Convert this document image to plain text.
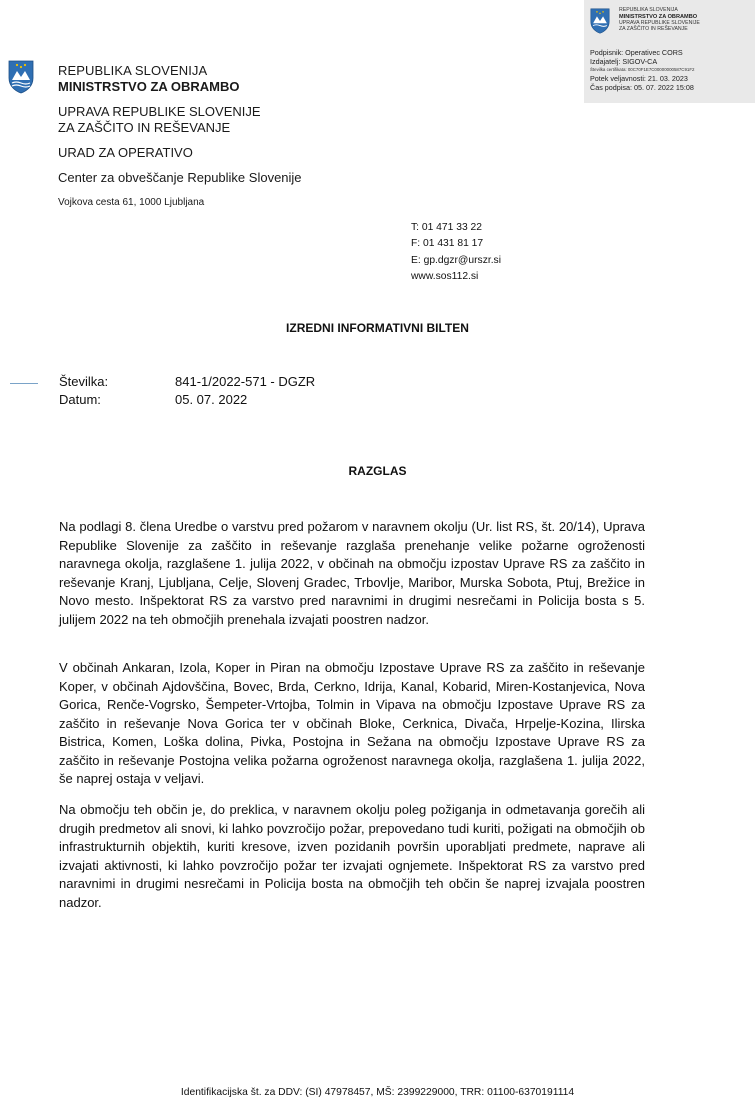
REPUBLIKA SLOVENIJA
MINISTRSTVO ZA OBRAMBO
UPRAVA REPUBLIKE SLOVENIJE
ZA ZAŠČITO IN REŠEVANJE
Podpisnik: Operativec CORS
Izdajatelj: SIGOV-CA
Številka certifikata: 00C70F1E7C00000000587C91F2
Potek veljavnosti: 21. 03. 2023
Čas podpisa: 05. 07. 2022 15:08
REPUBLIKA SLOVENIJA
MINISTRSTVO ZA OBRAMBO
UPRAVA REPUBLIKE SLOVENIJE
ZA ZAŠČITO IN REŠEVANJE
URAD ZA OPERATIVO
Center za obveščanje Republike Slovenije
Vojkova cesta 61, 1000 Ljubljana
T: 01 471 33 22
F: 01 431 81 17
E: gp.dgzr@urszr.si
www.sos112.si
IZREDNI INFORMATIVNI BILTEN
Številka:	841-1/2022-571 - DGZR
Datum:	05. 07. 2022
RAZGLAS
Na podlagi 8. člena Uredbe o varstvu pred požarom v naravnem okolju (Ur. list RS, št. 20/14), Uprava Republike Slovenije za zaščito in reševanje razglaša prenehanje velike požarne ogroženosti naravnega okolja, razglašene 1. julija 2022, v občinah na območju izpostav Uprave RS za zaščito in reševanje Kranj, Ljubljana, Celje, Slovenj Gradec, Trbovlje, Maribor, Murska Sobota, Ptuj, Brežice in Novo mesto. Inšpektorat RS za varstvo pred naravnimi in drugimi nesrečami in Policija bosta s 5. julijem 2022 na teh območjih prenehala izvajati poostren nadzor.
V občinah Ankaran, Izola, Koper in Piran na območju Izpostave Uprave RS za zaščito in reševanje Koper, v občinah Ajdovščina, Bovec, Brda, Cerkno, Idrija, Kanal, Kobarid, Miren-Kostanjevica, Nova Gorica, Renče-Vogrsko, Šempeter-Vrtojba, Tolmin in Vipava na območju Izpostave Uprave RS za zaščito in reševanje Nova Gorica ter v občinah Bloke, Cerknica, Divača, Hrpelje-Kozina, Ilirska Bistrica, Komen, Loška dolina, Pivka, Postojna in Sežana na območju Izpostave Uprave RS za zaščito in reševanje Postojna velika požarna ogroženost naravnega okolja, razglašena 1. julija 2022, še naprej ostaja v veljavi.
Na območju teh občin je, do preklica, v naravnem okolju poleg požiganja in odmetavanja gorečih ali drugih predmetov ali snovi, ki lahko povzročijo požar, prepovedano tudi kuriti, požigati na območjih ob infrastrukturnih objektih, kuriti kresove, izven pozidanih površin uporabljati predmete, naprave ali izvajati aktivnosti, ki lahko povzročijo požar ter izvajati ognjemete. Inšpektorat RS za varstvo pred naravnimi in drugimi nesrečami in Policija bosta na območjih teh občin še naprej izvajala poostren nadzor.
Identifikacijska št. za DDV: (SI) 47978457, MŠ: 2399229000, TRR: 01100-6370191114
